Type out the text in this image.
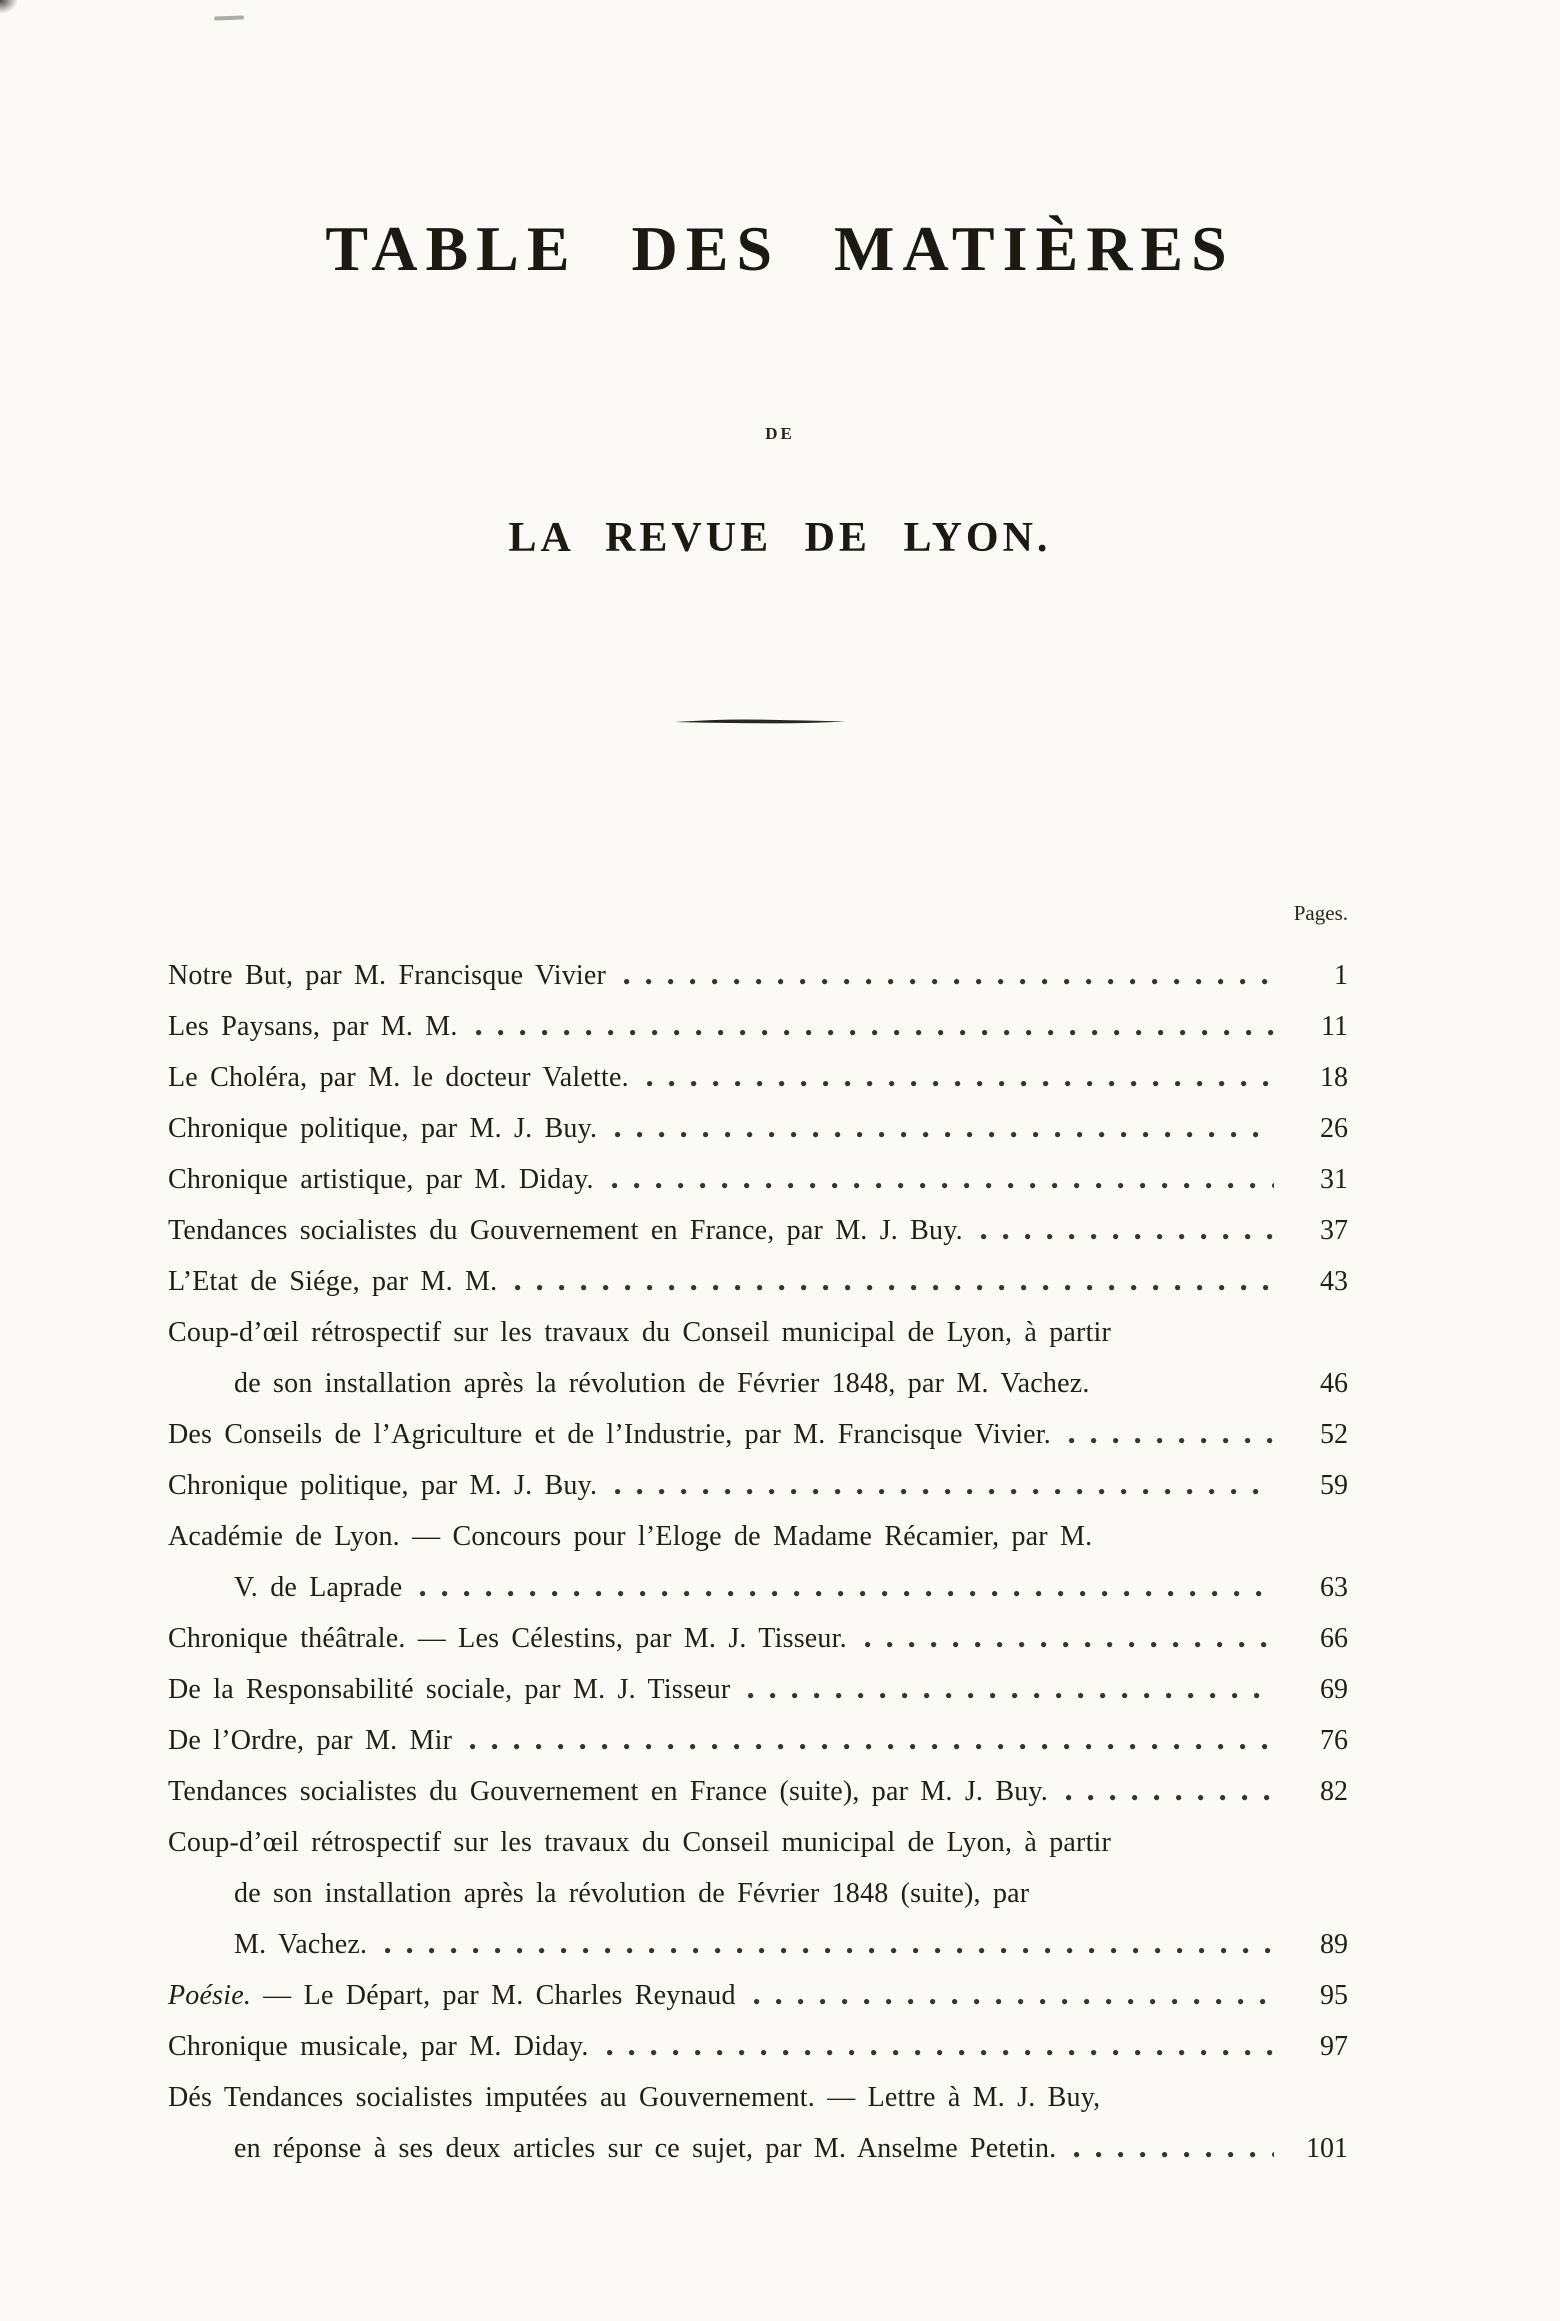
TABLE DES MATIÈRES
DE
LA REVUE DE LYON.
Pages.
Notre But, par M. Francisque Vivier	1
Les Paysans, par M. M.	11
Le Choléra, par M. le docteur Valette.	18
Chronique politique, par M. J. Buy.	26
Chronique artistique, par M. Diday.	31
Tendances socialistes du Gouvernement en France, par M. J. Buy.	37
L’Etat de Siége, par M. M.	43
Coup-d’œil rétrospectif sur les travaux du Conseil municipal de Lyon, à partir
de son installation après la révolution de Février 1848, par M. Vachez.	46
Des Conseils de l’Agriculture et de l’Industrie, par M. Francisque Vivier.	52
Chronique politique, par M. J. Buy.	59
Académie de Lyon. — Concours pour l’Eloge de Madame Récamier, par M.
V. de Laprade	63
Chronique théâtrale. — Les Célestins, par M. J. Tisseur.	66
De la Responsabilité sociale, par M. J. Tisseur	69
De l’Ordre, par M. Mir	76
Tendances socialistes du Gouvernement en France (suite), par M. J. Buy.	82
Coup-d’œil rétrospectif sur les travaux du Conseil municipal de Lyon, à partir
de son installation après la révolution de Février 1848 (suite), par
M. Vachez.	89
Poésie. — Le Départ, par M. Charles Reynaud	95
Chronique musicale, par M. Diday.	97
Dés Tendances socialistes imputées au Gouvernement. — Lettre à M. J. Buy,
en réponse à ses deux articles sur ce sujet, par M. Anselme Petetin.	101
